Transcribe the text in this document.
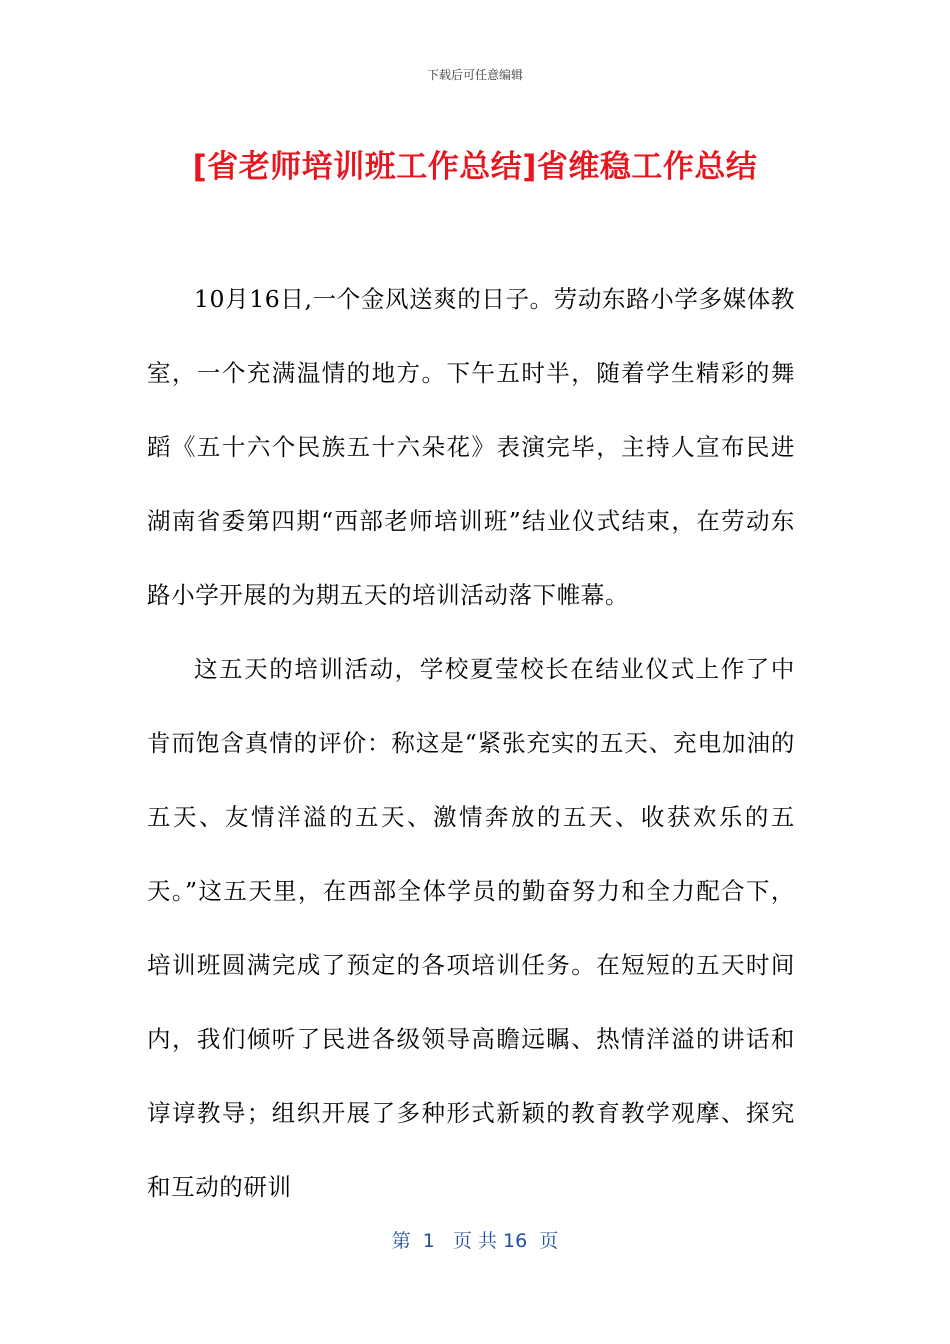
下载后可任意编辑
[省老师培训班工作总结]省维稳工作总结

10月16日,一个金风送爽的日子。劳动东路小学多媒体教室，一个充满温情的地方。下午五时半，随着学生精彩的舞蹈《五十六个民族五十六朵花》表演完毕，主持人宣布民进湖南省委第四期“西部老师培训班”结业仪式结束，在劳动东路小学开展的为期五天的培训活动落下帷幕。

这五天的培训活动，学校夏莹校长在结业仪式上作了中肯而饱含真情的评价：称这是“紧张充实的五天、充电加油的五天、友情洋溢的五天、激情奔放的五天、收获欢乐的五天。”这五天里，在西部全体学员的勤奋努力和全力配合下，培训班圆满完成了预定的各项培训任务。在短短的五天时间内，我们倾听了民进各级领导高瞻远瞩、热情洋溢的讲话和谆谆教导；组织开展了多种形式新颖的教育教学观摩、探究和互动的研训

第  1   页 共 16  页
